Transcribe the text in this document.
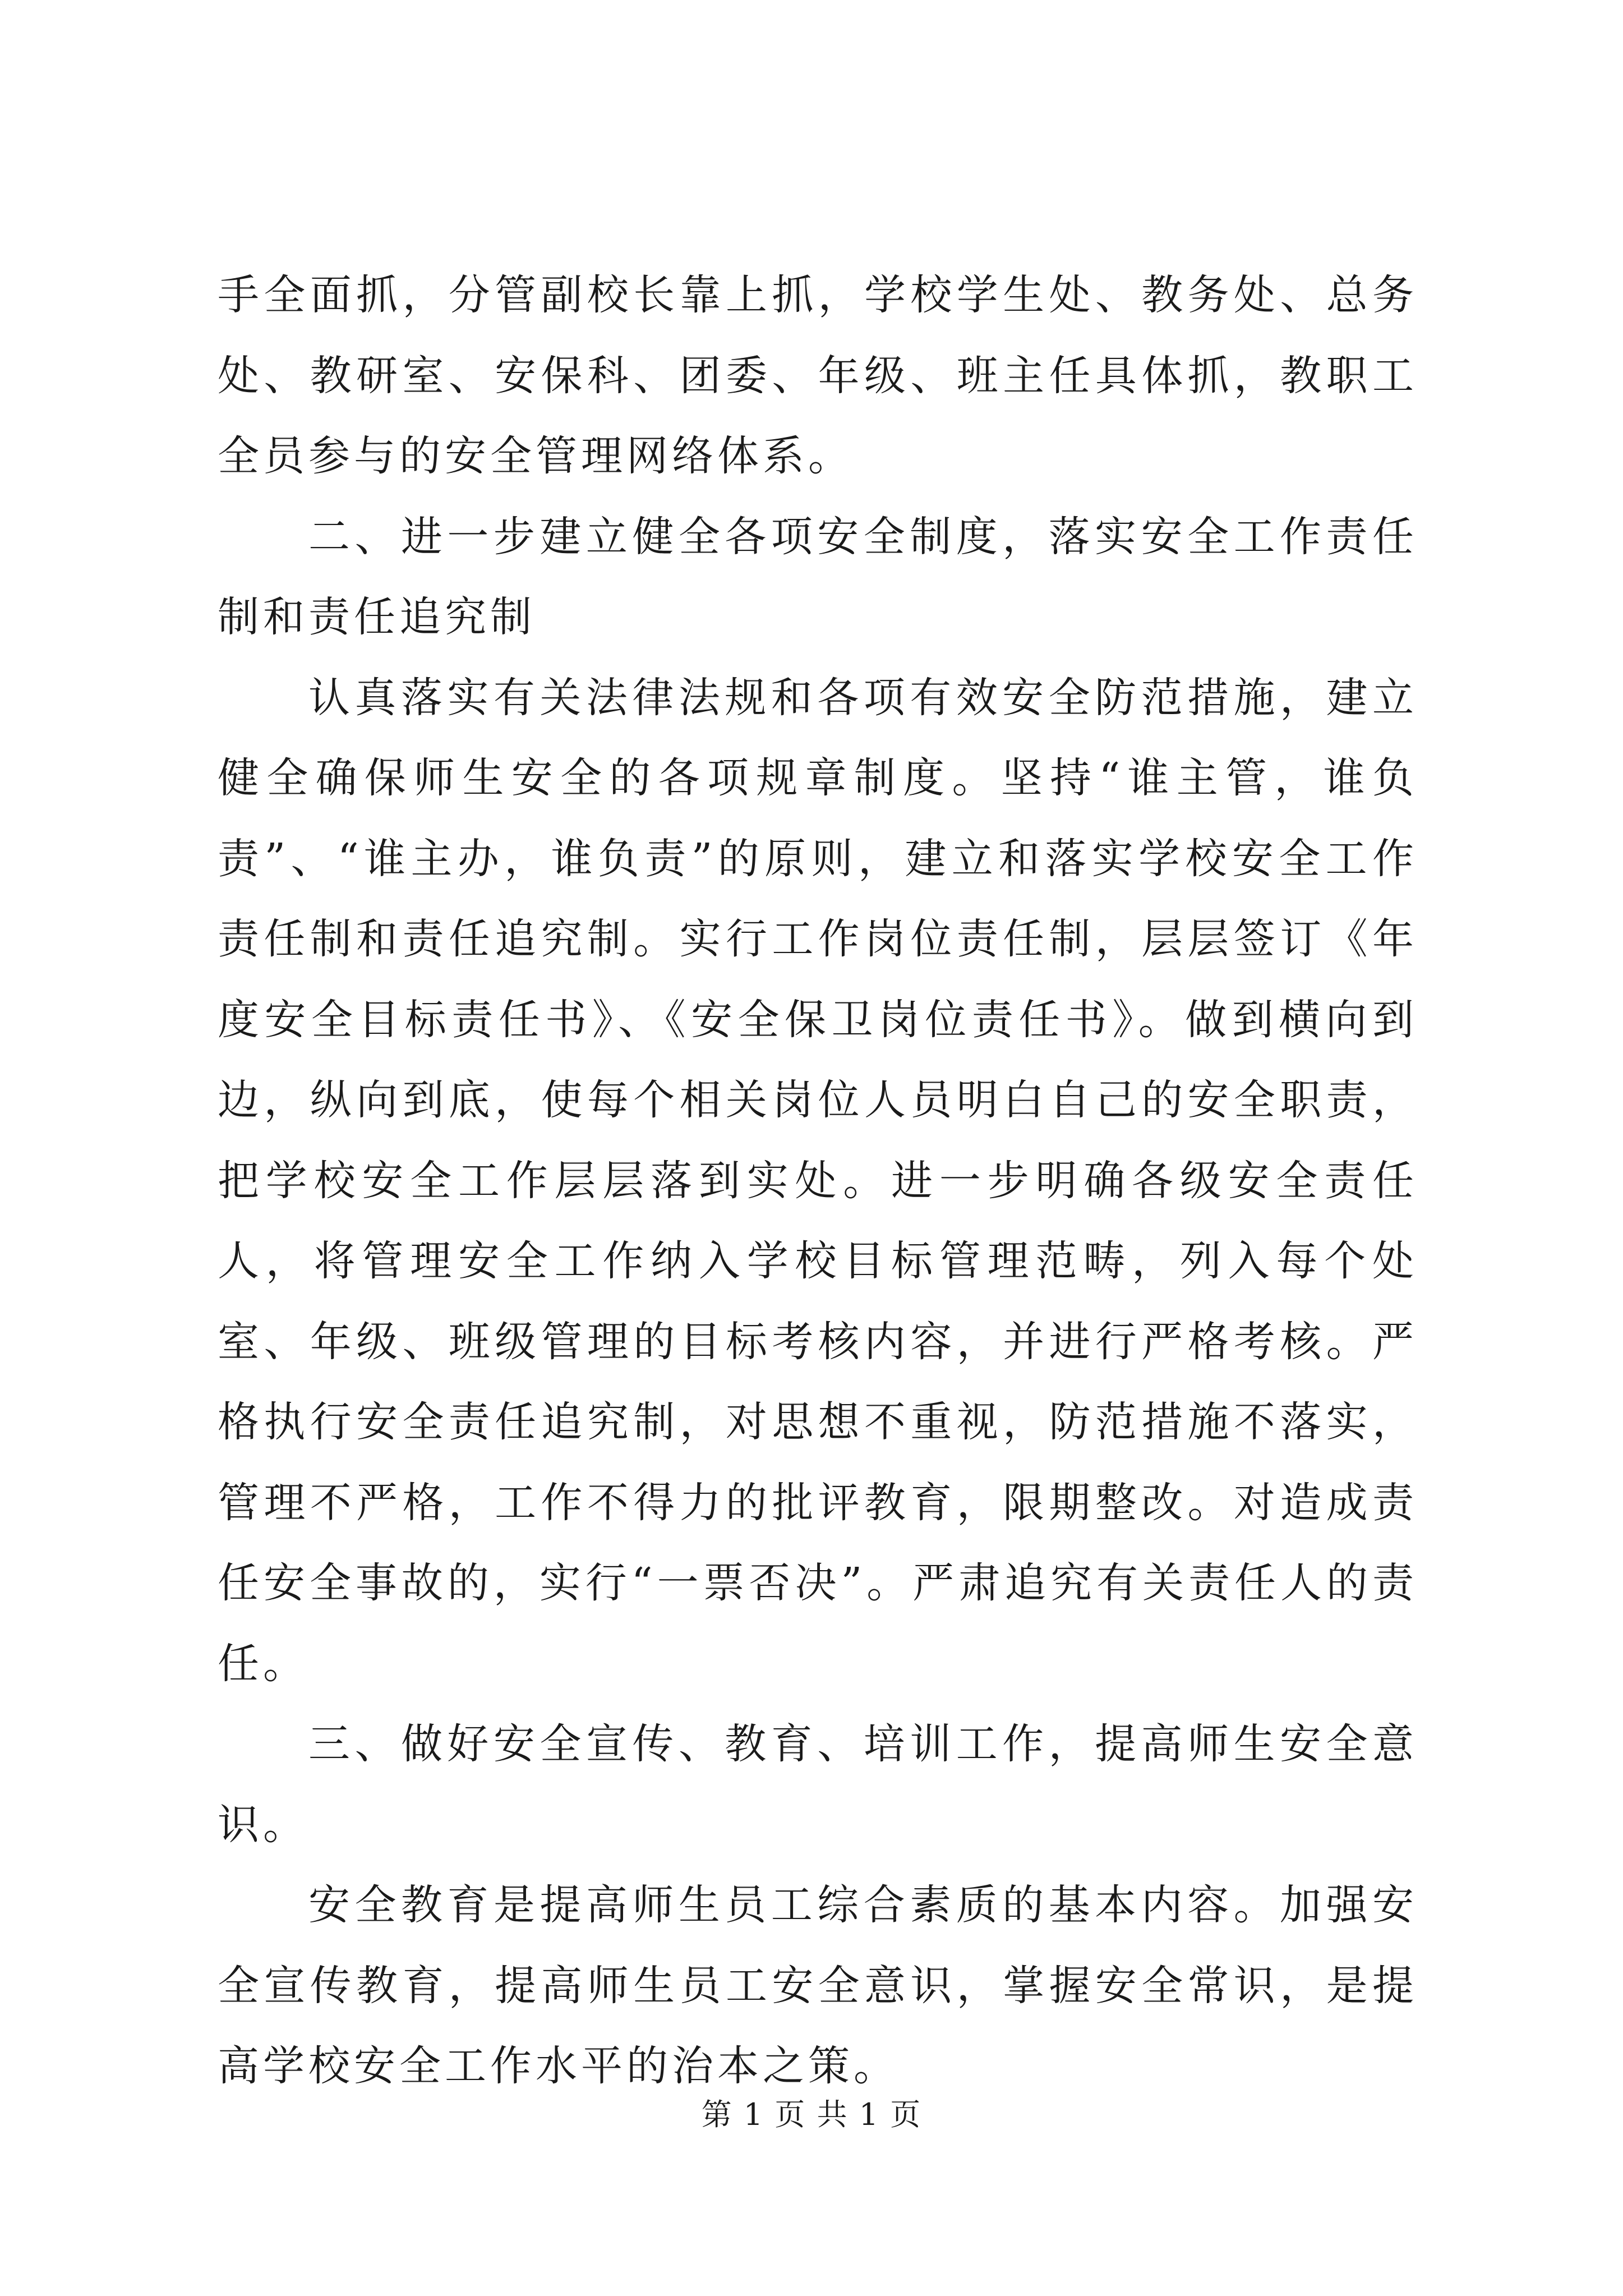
手全面抓，分管副校长靠上抓，学校学生处、教务处、总务处、教研室、安保科、团委、年级、班主任具体抓，教职工全员参与的安全管理网络体系。

二、进一步建立健全各项安全制度，落实安全工作责任制和责任追究制

认真落实有关法律法规和各项有效安全防范措施，建立健全确保师生安全的各项规章制度。坚持“谁主管，谁负责”、“谁主办，谁负责”的原则，建立和落实学校安全工作责任制和责任追究制。实行工作岗位责任制，层层签订《年度安全目标责任书》、《安全保卫岗位责任书》。做到横向到边，纵向到底，使每个相关岗位人员明白自己的安全职责，把学校安全工作层层落到实处。进一步明确各级安全责任人，将管理安全工作纳入学校目标管理范畴，列入每个处室、年级、班级管理的目标考核内容，并进行严格考核。严格执行安全责任追究制，对思想不重视，防范措施不落实，管理不严格，工作不得力的批评教育，限期整改。对造成责任安全事故的，实行“一票否决”。严肃追究有关责任人的责任。

三、做好安全宣传、教育、培训工作，提高师生安全意识。

安全教育是提高师生员工综合素质的基本内容。加强安全宣传教育，提高师生员工安全意识，掌握安全常识，是提高学校安全工作水平的治本之策。

第 1 页 共 1 页
